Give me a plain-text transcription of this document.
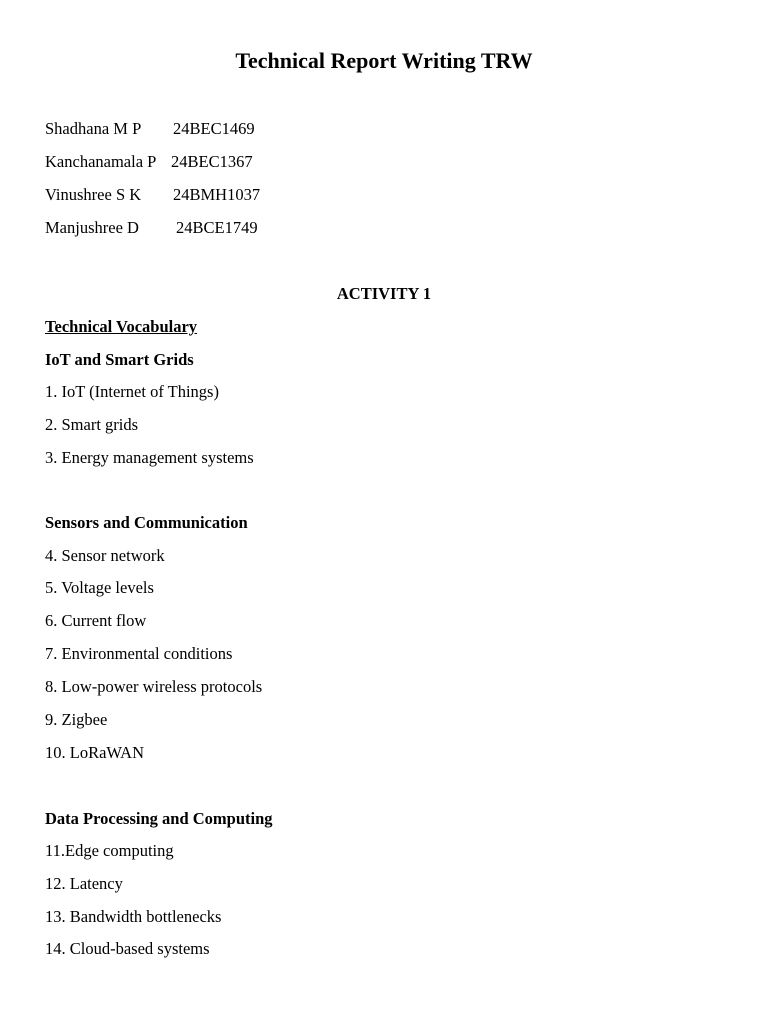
Technical Report Writing TRW
Shadhana M P 24BEC1469
Kanchanamala P 24BEC1367
Vinushree S K 24BMH1037
Manjushree D 24BCE1749
ACTIVITY 1
Technical Vocabulary
IoT and Smart Grids
1. IoT (Internet of Things)
2. Smart grids
3. Energy management systems
Sensors and Communication
4. Sensor network
5. Voltage levels
6. Current flow
7. Environmental conditions
8. Low-power wireless protocols
9. Zigbee
10. LoRaWAN
Data Processing and Computing
11.Edge computing
12. Latency
13. Bandwidth bottlenecks
14. Cloud-based systems
